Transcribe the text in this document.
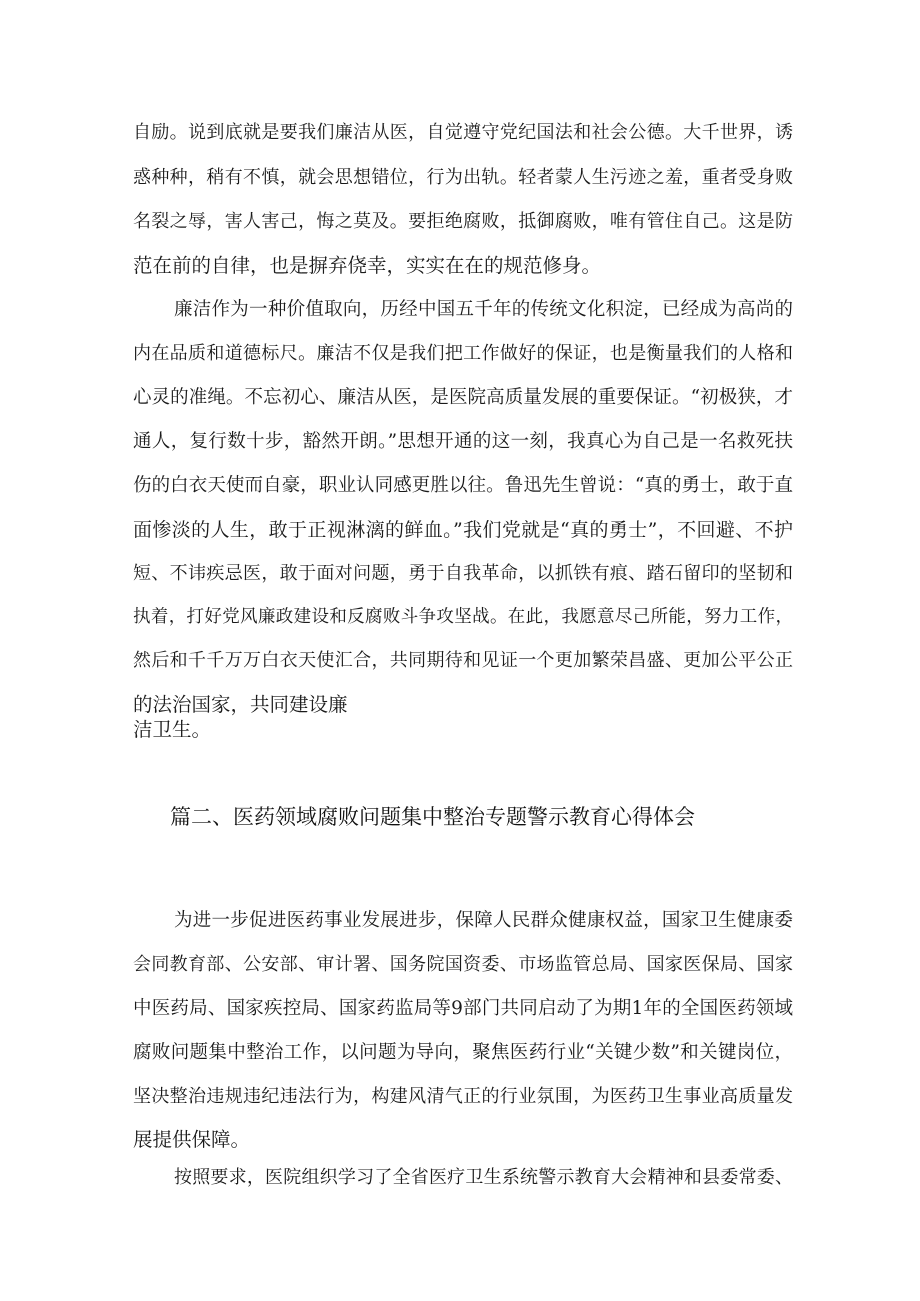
自励。说到底就是要我们廉洁从医，自觉遵守党纪国法和社会公德。大千世界，诱
惑种种，稍有不慎，就会思想错位，行为出轨。轻者蒙人生污迹之羞，重者受身败
名裂之辱，害人害己，悔之莫及。要拒绝腐败，抵御腐败，唯有管住自己。这是防
范在前的自律，也是摒弃侥幸，实实在在的规范修身。
廉洁作为一种价值取向，历经中国五千年的传统文化积淀，已经成为高尚的
内在品质和道德标尺。廉洁不仅是我们把工作做好的保证，也是衡量我们的人格和
心灵的准绳。不忘初心、廉洁从医，是医院高质量发展的重要保证。“初极狭，才
通人，复行数十步，豁然开朗。”思想开通的这一刻，我真心为自己是一名救死扶
伤的白衣天使而自豪，职业认同感更胜以往。鲁迅先生曾说：“真的勇士，敢于直
面惨淡的人生，敢于正视淋漓的鲜血。”我们党就是“真的勇士”，不回避、不护
短、不讳疾忌医，敢于面对问题，勇于自我革命，以抓铁有痕、踏石留印的坚韧和
执着，打好党风廉政建设和反腐败斗争攻坚战。在此，我愿意尽己所能，努力工作，
然后和千千万万白衣天使汇合，共同期待和见证一个更加繁荣昌盛、更加公平公正
的法治国家，共同建设廉
洁卫生。
篇二、医药领域腐败问题集中整治专题警示教育心得体会
为进一步促进医药事业发展进步，保障人民群众健康权益，国家卫生健康委
会同教育部、公安部、审计署、国务院国资委、市场监管总局、国家医保局、国家
中医药局、国家疾控局、国家药监局等9部门共同启动了为期1年的全国医药领域
腐败问题集中整治工作，以问题为导向，聚焦医药行业“关键少数”和关键岗位，
坚决整治违规违纪违法行为，构建风清气正的行业氛围，为医药卫生事业高质量发
展提供保障。
按照要求，医院组织学习了全省医疗卫生系统警示教育大会精神和县委常委、
